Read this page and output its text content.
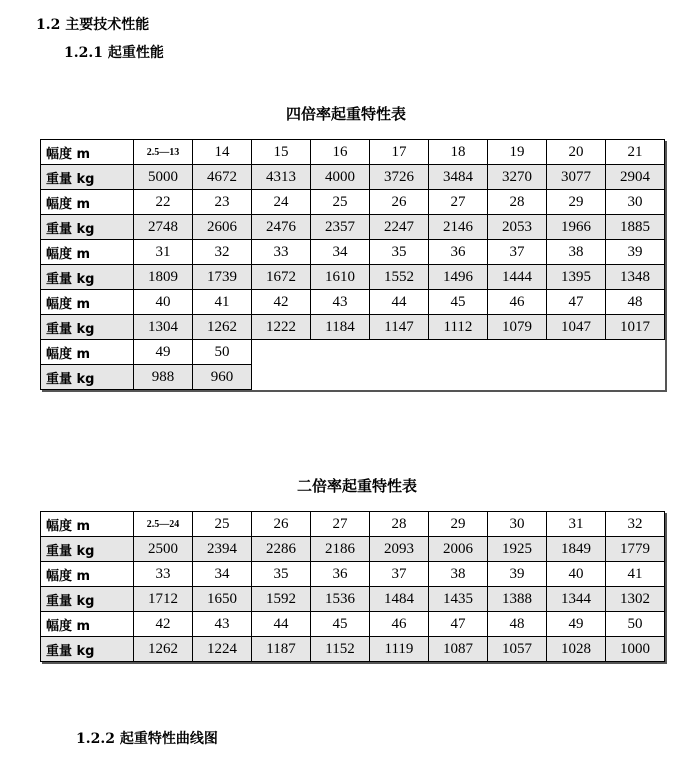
1.2 主要技术性能
1.2.1 起重性能
四倍率起重特性表
幅度 m	2.5—13	14	15	16	17	18	19	20	21
重量 kg	5000	4672	4313	4000	3726	3484	3270	3077	2904
幅度 m	22	23	24	25	26	27	28	29	30
重量 kg	2748	2606	2476	2357	2247	2146	2053	1966	1885
幅度 m	31	32	33	34	35	36	37	38	39
重量 kg	1809	1739	1672	1610	1552	1496	1444	1395	1348
幅度 m	40	41	42	43	44	45	46	47	48
重量 kg	1304	1262	1222	1184	1147	1112	1079	1047	1017
幅度 m	49	50							
重量 kg	988	960							
二倍率起重特性表
幅度 m	2.5—24	25	26	27	28	29	30	31	32
重量 kg	2500	2394	2286	2186	2093	2006	1925	1849	1779
幅度 m	33	34	35	36	37	38	39	40	41
重量 kg	1712	1650	1592	1536	1484	1435	1388	1344	1302
幅度 m	42	43	44	45	46	47	48	49	50
重量 kg	1262	1224	1187	1152	1119	1087	1057	1028	1000
1.2.2 起重特性曲线图
